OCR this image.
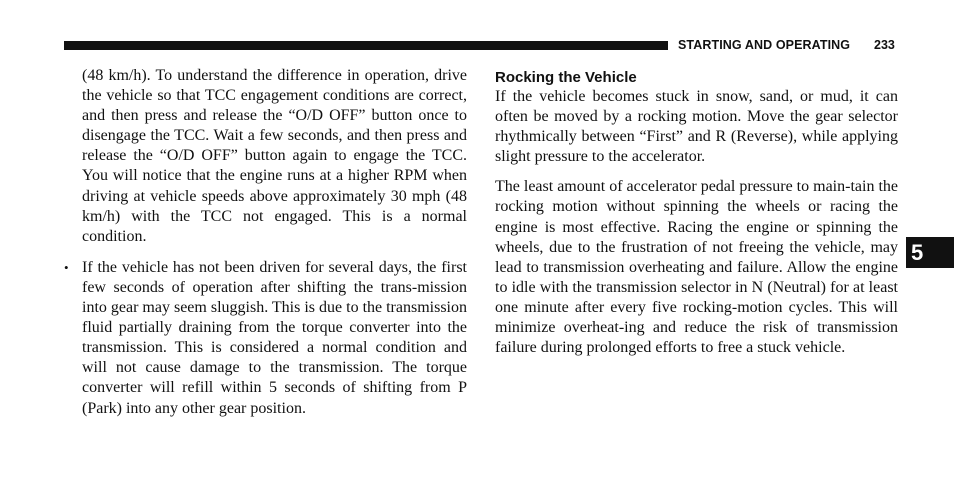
STARTING AND OPERATING 233

(48 km/h). To understand the difference in operation, drive the vehicle so that TCC engagement conditions are correct, and then press and release the “O/D OFF” button once to disengage the TCC. Wait a few seconds, and then press and release the “O/D OFF” button again to engage the TCC. You will notice that the engine runs at a higher RPM when driving at vehicle speeds above approximately 30 mph (48 km/h) with the TCC not engaged. This is a normal condition.

• If the vehicle has not been driven for several days, the first few seconds of operation after shifting the trans-mission into gear may seem sluggish. This is due to the transmission fluid partially draining from the torque converter into the transmission. This is considered a normal condition and will not cause damage to the transmission. The torque converter will refill within 5 seconds of shifting from P (Park) into any other gear position.

Rocking the Vehicle

If the vehicle becomes stuck in snow, sand, or mud, it can often be moved by a rocking motion. Move the gear selector rhythmically between “First” and R (Reverse), while applying slight pressure to the accelerator.

The least amount of accelerator pedal pressure to main-tain the rocking motion without spinning the wheels or racing the engine is most effective. Racing the engine or spinning the wheels, due to the frustration of not freeing the vehicle, may lead to transmission overheating and failure. Allow the engine to idle with the transmission selector in N (Neutral) for at least one minute after every five rocking-motion cycles. This will minimize overheat-ing and reduce the risk of transmission failure during prolonged efforts to free a stuck vehicle.

5
